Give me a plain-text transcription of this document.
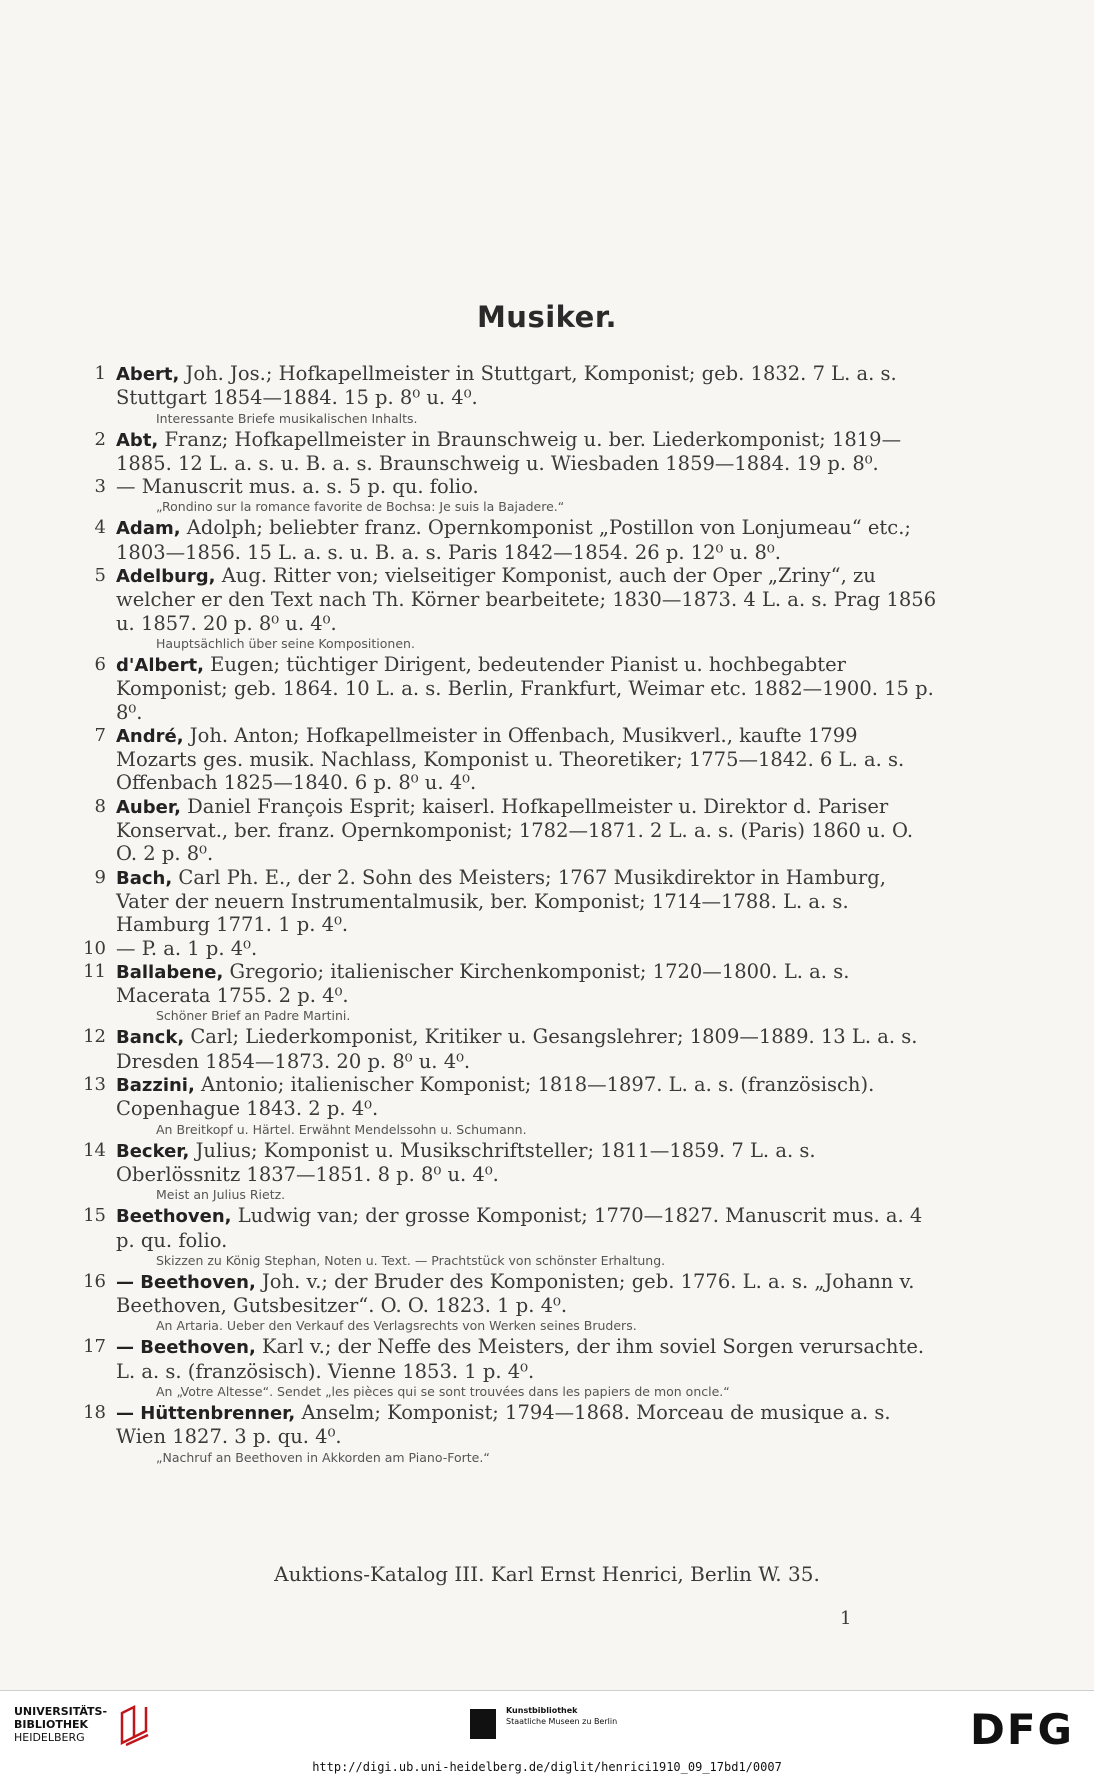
Musiker.
1 Abert, Joh. Jos.; Hofkapellmeister in Stuttgart, Komponist; geb. 1832. 7 L. a. s. Stuttgart 1854—1884. 15 p. 8⁰ u. 4⁰.
Interessante Briefe musikalischen Inhalts.
2 Abt, Franz; Hofkapellmeister in Braunschweig u. ber. Liederkomponist; 1819—1885. 12 L. a. s. u. B. a. s. Braunschweig u. Wiesbaden 1859—1884. 19 p. 8⁰.
3 — Manuscrit mus. a. s. 5 p. qu. folio.
„Rondino sur la romance favorite de Bochsa: Je suis la Bajadere.“
4 Adam, Adolph; beliebter franz. Opernkomponist „Postillon von Lonjumeau“ etc.; 1803—1856. 15 L. a. s. u. B. a. s. Paris 1842—1854. 26 p. 12⁰ u. 8⁰.
5 Adelburg, Aug. Ritter von; vielseitiger Komponist, auch der Oper „Zriny“, zu welcher er den Text nach Th. Körner bearbeitete; 1830—1873. 4 L. a. s. Prag 1856 u. 1857. 20 p. 8⁰ u. 4⁰.
Hauptsächlich über seine Kompositionen.
6 d'Albert, Eugen; tüchtiger Dirigent, bedeutender Pianist u. hochbegabter Komponist; geb. 1864. 10 L. a. s. Berlin, Frankfurt, Weimar etc. 1882—1900. 15 p. 8⁰.
7 André, Joh. Anton; Hofkapellmeister in Offenbach, Musikverl., kaufte 1799 Mozarts ges. musik. Nachlass, Komponist u. Theoretiker; 1775—1842. 6 L. a. s. Offenbach 1825—1840. 6 p. 8⁰ u. 4⁰.
8 Auber, Daniel François Esprit; kaiserl. Hofkapellmeister u. Direktor d. Pariser Konservat., ber. franz. Opernkomponist; 1782—1871. 2 L. a. s. (Paris) 1860 u. O. O. 2 p. 8⁰.
9 Bach, Carl Ph. E., der 2. Sohn des Meisters; 1767 Musikdirektor in Hamburg, Vater der neuern Instrumentalmusik, ber. Komponist; 1714—1788. L. a. s. Hamburg 1771. 1 p. 4⁰.
10 — P. a. 1 p. 4⁰.
11 Ballabene, Gregorio; italienischer Kirchenkomponist; 1720—1800. L. a. s. Macerata 1755. 2 p. 4⁰.
Schöner Brief an Padre Martini.
12 Banck, Carl; Liederkomponist, Kritiker u. Gesangslehrer; 1809—1889. 13 L. a. s. Dresden 1854—1873. 20 p. 8⁰ u. 4⁰.
13 Bazzini, Antonio; italienischer Komponist; 1818—1897. L. a. s. (französisch). Copenhague 1843. 2 p. 4⁰.
An Breitkopf u. Härtel. Erwähnt Mendelssohn u. Schumann.
14 Becker, Julius; Komponist u. Musikschriftsteller; 1811—1859. 7 L. a. s. Oberlössnitz 1837—1851. 8 p. 8⁰ u. 4⁰.
Meist an Julius Rietz.
15 Beethoven, Ludwig van; der grosse Komponist; 1770—1827. Manuscrit mus. a. 4 p. qu. folio.
Skizzen zu König Stephan, Noten u. Text. — Prachtstück von schönster Erhaltung.
16 — Beethoven, Joh. v.; der Bruder des Komponisten; geb. 1776. L. a. s. „Johann v. Beethoven, Gutsbesitzer“. O. O. 1823. 1 p. 4⁰.
An Artaria. Ueber den Verkauf des Verlagsrechts von Werken seines Bruders.
17 — Beethoven, Karl v.; der Neffe des Meisters, der ihm soviel Sorgen verursachte. L. a. s. (französisch). Vienne 1853. 1 p. 4⁰.
An „Votre Altesse“. Sendet „les pièces qui se sont trouvées dans les papiers de mon oncle.“
18 — Hüttenbrenner, Anselm; Komponist; 1794—1868. Morceau de musique a. s. Wien 1827. 3 p. qu. 4⁰.
„Nachruf an Beethoven in Akkorden am Piano-Forte.“
Auktions-Katalog III. Karl Ernst Henrici, Berlin W. 35.
1
UNIVERSITÄTS-
BIBLIOTHEK
HEIDELBERG
Kunstbibliothek
Staatliche Museen zu Berlin	DFG
http://digi.ub.uni-heidelberg.de/diglit/henrici1910_09_17bd1/0007
